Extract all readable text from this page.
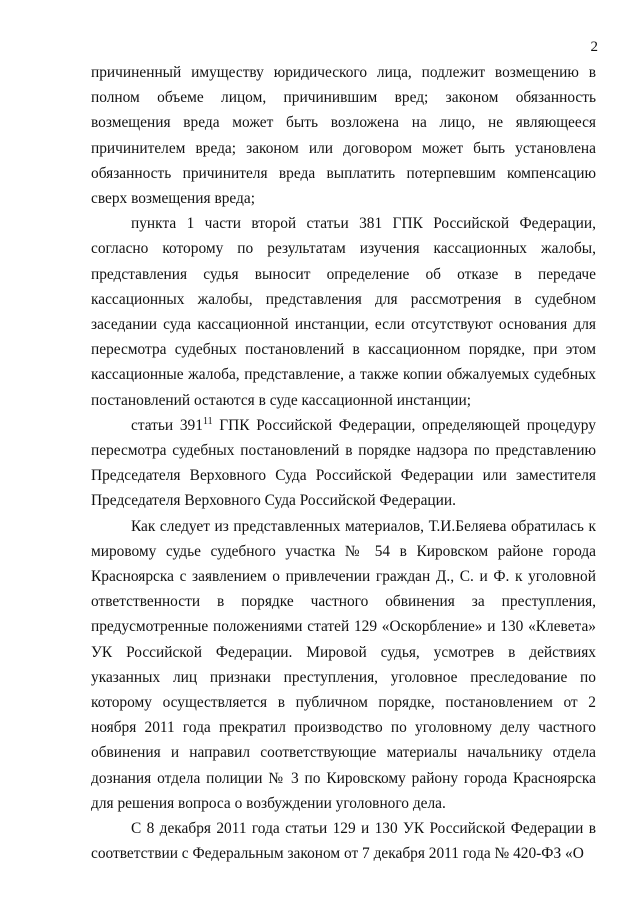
2

причиненный имуществу юридического лица, подлежит возмещению в полном объеме лицом, причинившим вред; законом обязанность возмещения вреда может быть возложена на лицо, не являющееся причинителем вреда; законом или договором может быть установлена обязанность причинителя вреда выплатить потерпевшим компенсацию сверх возмещения вреда;

пункта 1 части второй статьи 381 ГПК Российской Федерации, согласно которому по результатам изучения кассационных жалобы, представления судья выносит определение об отказе в передаче кассационных жалобы, представления для рассмотрения в судебном заседании суда кассационной инстанции, если отсутствуют основания для пересмотра судебных постановлений в кассационном порядке, при этом кассационные жалоба, представление, а также копии обжалуемых судебных постановлений остаются в суде кассационной инстанции;

статьи $391^{11}$ ГПК Российской Федерации, определяющей процедуру пересмотра судебных постановлений в порядке надзора по представлению Председателя Верховного Суда Российской Федерации или заместителя Председателя Верховного Суда Российской Федерации.

Как следует из представленных материалов, Т.И.Беляева обратилась к мировому судье судебного участка № 54 в Кировском районе города Красноярска с заявлением о привлечении граждан Д., С. и Ф. к уголовной ответственности в порядке частного обвинения за преступления, предусмотренные положениями статей 129 «Оскорбление» и 130 «Клевета» УК Российской Федерации. Мировой судья, усмотрев в действиях указанных лиц признаки преступления, уголовное преследование по которому осуществляется в публичном порядке, постановлением от 2 ноября 2011 года прекратил производство по уголовному делу частного обвинения и направил соответствующие материалы начальнику отдела дознания отдела полиции № 3 по Кировскому району города Красноярска для решения вопроса о возбуждении уголовного дела.

С 8 декабря 2011 года статьи 129 и 130 УК Российской Федерации в соответствии с Федеральным законом от 7 декабря 2011 года № 420-ФЗ «О
